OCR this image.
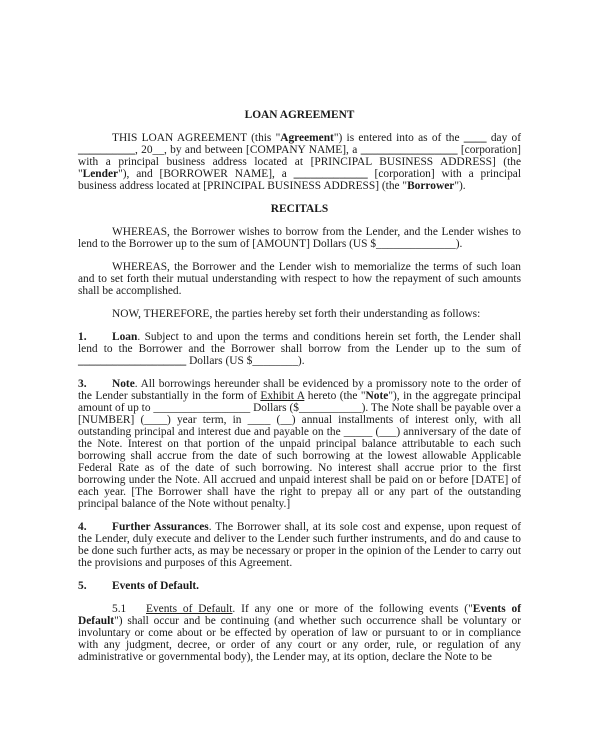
LOAN AGREEMENT
THIS LOAN AGREEMENT (this "Agreement") is entered into as of the ____ day of __________, 20__, by and between [COMPANY NAME], a _________________ [corporation] with a principal business address located at [PRINCIPAL BUSINESS ADDRESS] (the "Lender"), and [BORROWER NAME], a _____________ [corporation] with a principal business address located at [PRINCIPAL BUSINESS ADDRESS] (the "Borrower").
RECITALS
WHEREAS, the Borrower wishes to borrow from the Lender, and the Lender wishes to lend to the Borrower up to the sum of [AMOUNT] Dollars (US $______________).
WHEREAS, the Borrower and the Lender wish to memorialize the terms of such loan and to set forth their mutual understanding with respect to how the repayment of such amounts shall be accomplished.
NOW, THEREFORE, the parties hereby set forth their understanding as follows:
1. Loan. Subject to and upon the terms and conditions herein set forth, the Lender shall lend to the Borrower and the Borrower shall borrow from the Lender up to the sum of ___________________ Dollars (US $________).
3. Note. All borrowings hereunder shall be evidenced by a promissory note to the order of the Lender substantially in the form of Exhibit A hereto (the "Note"), in the aggregate principal amount of up to _________________ Dollars ($___________). The Note shall be payable over a [NUMBER] (____) year term, in ____ (__) annual installments of interest only, with all outstanding principal and interest due and payable on the _____ (___) anniversary of the date of the Note. Interest on that portion of the unpaid principal balance attributable to each such borrowing shall accrue from the date of such borrowing at the lowest allowable Applicable Federal Rate as of the date of such borrowing. No interest shall accrue prior to the first borrowing under the Note. All accrued and unpaid interest shall be paid on or before [DATE] of each year. [The Borrower shall have the right to prepay all or any part of the outstanding principal balance of the Note without penalty.]
4. Further Assurances. The Borrower shall, at its sole cost and expense, upon request of the Lender, duly execute and deliver to the Lender such further instruments, and do and cause to be done such further acts, as may be necessary or proper in the opinion of the Lender to carry out the provisions and purposes of this Agreement.
5. Events of Default.
5.1 Events of Default. If any one or more of the following events ("Events of Default") shall occur and be continuing (and whether such occurrence shall be voluntary or involuntary or come about or be effected by operation of law or pursuant to or in compliance with any judgment, decree, or order of any court or any order, rule, or regulation of any administrative or governmental body), the Lender may, at its option, declare the Note to be
